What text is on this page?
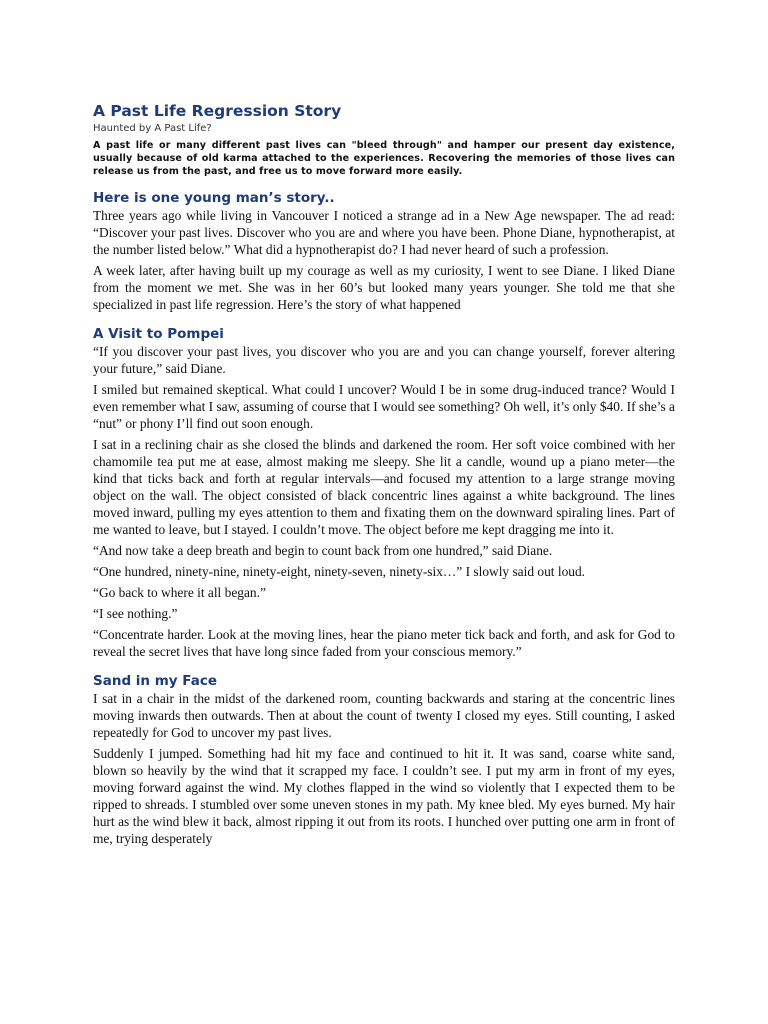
A Past Life Regression Story
Haunted by A Past Life?

A past life or many different past lives can "bleed through" and hamper our present day existence, usually because of old karma attached to the experiences. Recovering the memories of those lives can release us from the past, and free us to move forward more easily.

Here is one young man’s story..

Three years ago while living in Vancouver I noticed a strange ad in a New Age newspaper. The ad read: “Discover your past lives. Discover who you are and where you have been. Phone Diane, hypnotherapist, at the number listed below.” What did a hypnotherapist do? I had never heard of such a profession.

A week later, after having built up my courage as well as my curiosity, I went to see Diane. I liked Diane from the moment we met. She was in her 60’s but looked many years younger. She told me that she specialized in past life regression. Here’s the story of what happened

A Visit to Pompei

“If you discover your past lives, you discover who you are and you can change yourself, forever altering your future,” said Diane.

I smiled but remained skeptical. What could I uncover? Would I be in some drug-induced trance? Would I even remember what I saw, assuming of course that I would see something? Oh well, it’s only $40. If she’s a “nut” or phony I’ll find out soon enough.

I sat in a reclining chair as she closed the blinds and darkened the room. Her soft voice combined with her chamomile tea put me at ease, almost making me sleepy. She lit a candle, wound up a piano meter—the kind that ticks back and forth at regular intervals—and focused my attention to a large strange moving object on the wall. The object consisted of black concentric lines against a white background. The lines moved inward, pulling my eyes attention to them and fixating them on the downward spiraling lines. Part of me wanted to leave, but I stayed. I couldn’t move. The object before me kept dragging me into it.

“And now take a deep breath and begin to count back from one hundred,” said Diane.

“One hundred, ninety-nine, ninety-eight, ninety-seven, ninety-six…” I slowly said out loud.

“Go back to where it all began.”

“I see nothing.”

“Concentrate harder. Look at the moving lines, hear the piano meter tick back and forth, and ask for God to reveal the secret lives that have long since faded from your conscious memory.”

Sand in my Face

I sat in a chair in the midst of the darkened room, counting backwards and staring at the concentric lines moving inwards then outwards. Then at about the count of twenty I closed my eyes. Still counting, I asked repeatedly for God to uncover my past lives.

Suddenly I jumped. Something had hit my face and continued to hit it. It was sand, coarse white sand, blown so heavily by the wind that it scrapped my face. I couldn’t see. I put my arm in front of my eyes, moving forward against the wind. My clothes flapped in the wind so violently that I expected them to be ripped to shreads. I stumbled over some uneven stones in my path. My knee bled. My eyes burned. My hair hurt as the wind blew it back, almost ripping it out from its roots. I hunched over putting one arm in front of me, trying desperately
